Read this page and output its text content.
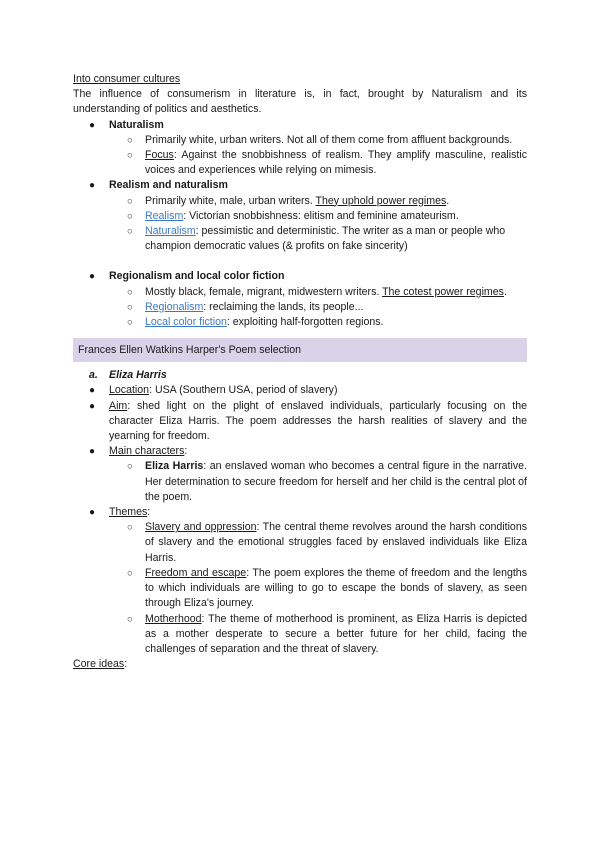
Into consumer cultures

The influence of consumerism in literature is, in fact, brought by Naturalism and its understanding of politics and aesthetics.

● Naturalism
○ Primarily white, urban writers. Not all of them come from affluent backgrounds.
○ Focus: Against the snobbishness of realism. They amplify masculine, realistic voices and experiences while relying on mimesis.
● Realism and naturalism
○ Primarily white, male, urban writers. They uphold power regimes.
○ Realism: Victorian snobbishness: elitism and feminine amateurism.
○ Naturalism: pessimistic and deterministic. The writer as a man or people who champion democratic values (& profits on fake sincerity)
● Regionalism and local color fiction
○ Mostly black, female, migrant, midwestern writers. The cotest power regimes.
○ Regionalism: reclaiming the lands, its people...
○ Local color fiction: exploiting half-forgotten regions.
Frances Ellen Watkins Harper's Poem selection
a. Eliza Harris
● Location: USA (Southern USA, period of slavery)
● Aim: shed light on the plight of enslaved individuals, particularly focusing on the character Eliza Harris. The poem addresses the harsh realities of slavery and the yearning for freedom.
● Main characters:
○ Eliza Harris: an enslaved woman who becomes a central figure in the narrative. Her determination to secure freedom for herself and her child is the central plot of the poem.
● Themes:
○ Slavery and oppression: The central theme revolves around the harsh conditions of slavery and the emotional struggles faced by enslaved individuals like Eliza Harris.
○ Freedom and escape: The poem explores the theme of freedom and the lengths to which individuals are willing to go to escape the bonds of slavery, as seen through Eliza's journey.
○ Motherhood: The theme of motherhood is prominent, as Eliza Harris is depicted as a mother desperate to secure a better future for her child, facing the challenges of separation and the threat of slavery.

Core ideas:
